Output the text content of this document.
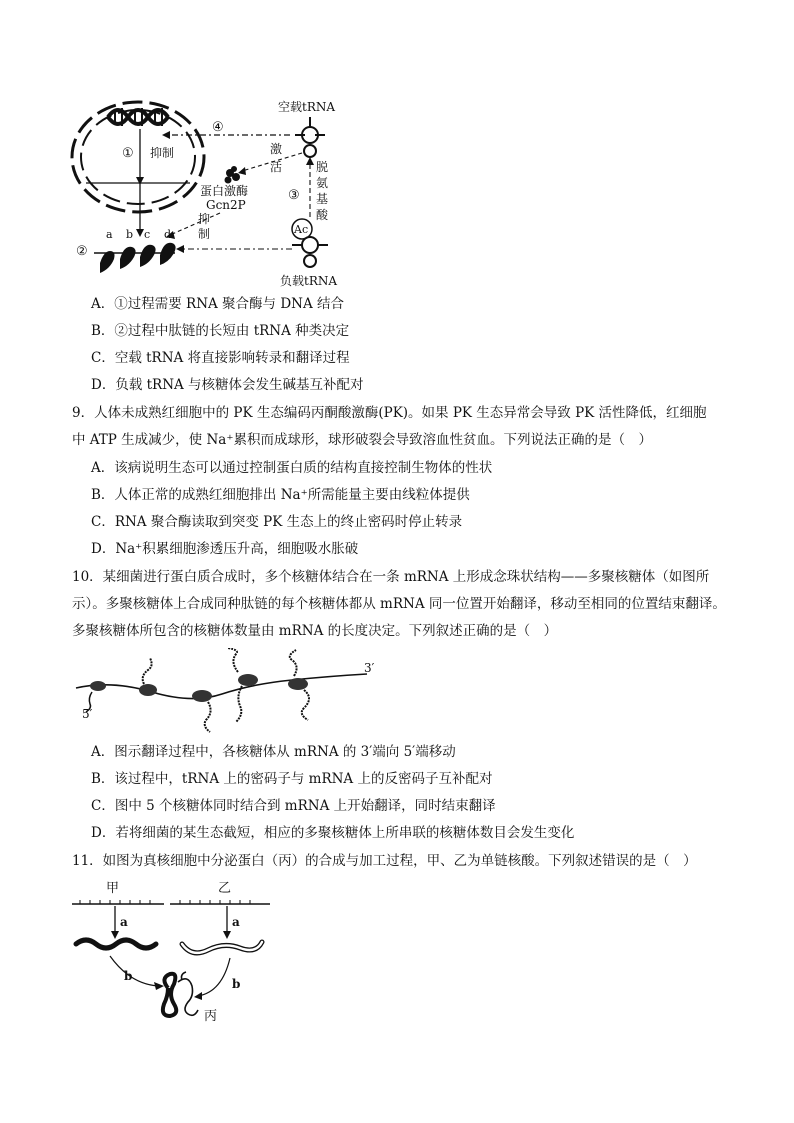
① 抑制
④
空载tRNA
激
活
③
脱
氨
基
酸
蛋白激酶
Gcn2P
抑
制	Ac
负载tRNA
②
a b c d
A．①过程需要 RNA 聚合酶与 DNA 结合
B．②过程中肽链的长短由 tRNA 种类决定
C．空载 tRNA 将直接影响转录和翻译过程
D．负载 tRNA 与核糖体会发生碱基互补配对
9．人体未成熟红细胞中的 PK 生态编码丙酮酸激酶(PK)。如果 PK 生态异常会导致 PK 活性降低，红细胞
中 ATP 生成减少，使 Na⁺累积而成球形，球形破裂会导致溶血性贫血。下列说法正确的是（　）
A．该病说明生态可以通过控制蛋白质的结构直接控制生物体的性状
B．人体正常的成熟红细胞排出 Na⁺所需能量主要由线粒体提供
C．RNA 聚合酶读取到突变 PK 生态上的终止密码时停止转录
D．Na⁺积累细胞渗透压升高，细胞吸水胀破
10．某细菌进行蛋白质合成时，多个核糖体结合在一条 mRNA 上形成念珠状结构——多聚核糖体（如图所
示）。多聚核糖体上合成同种肽链的每个核糖体都从 mRNA 同一位置开始翻译，移动至相同的位置结束翻译。
多聚核糖体所包含的核糖体数量由 mRNA 的长度决定。下列叙述正确的是（　）
3′
5′
A．图示翻译过程中，各核糖体从 mRNA 的 3′端向 5′端移动
B．该过程中，tRNA 上的密码子与 mRNA 上的反密码子互补配对
C．图中 5 个核糖体同时结合到 mRNA 上开始翻译，同时结束翻译
D．若将细菌的某生态截短，相应的多聚核糖体上所串联的核糖体数目会发生变化
11．如图为真核细胞中分泌蛋白（丙）的合成与加工过程，甲、乙为单链核酸。下列叙述错误的是（　）
甲	乙
a	a
b
b
丙
